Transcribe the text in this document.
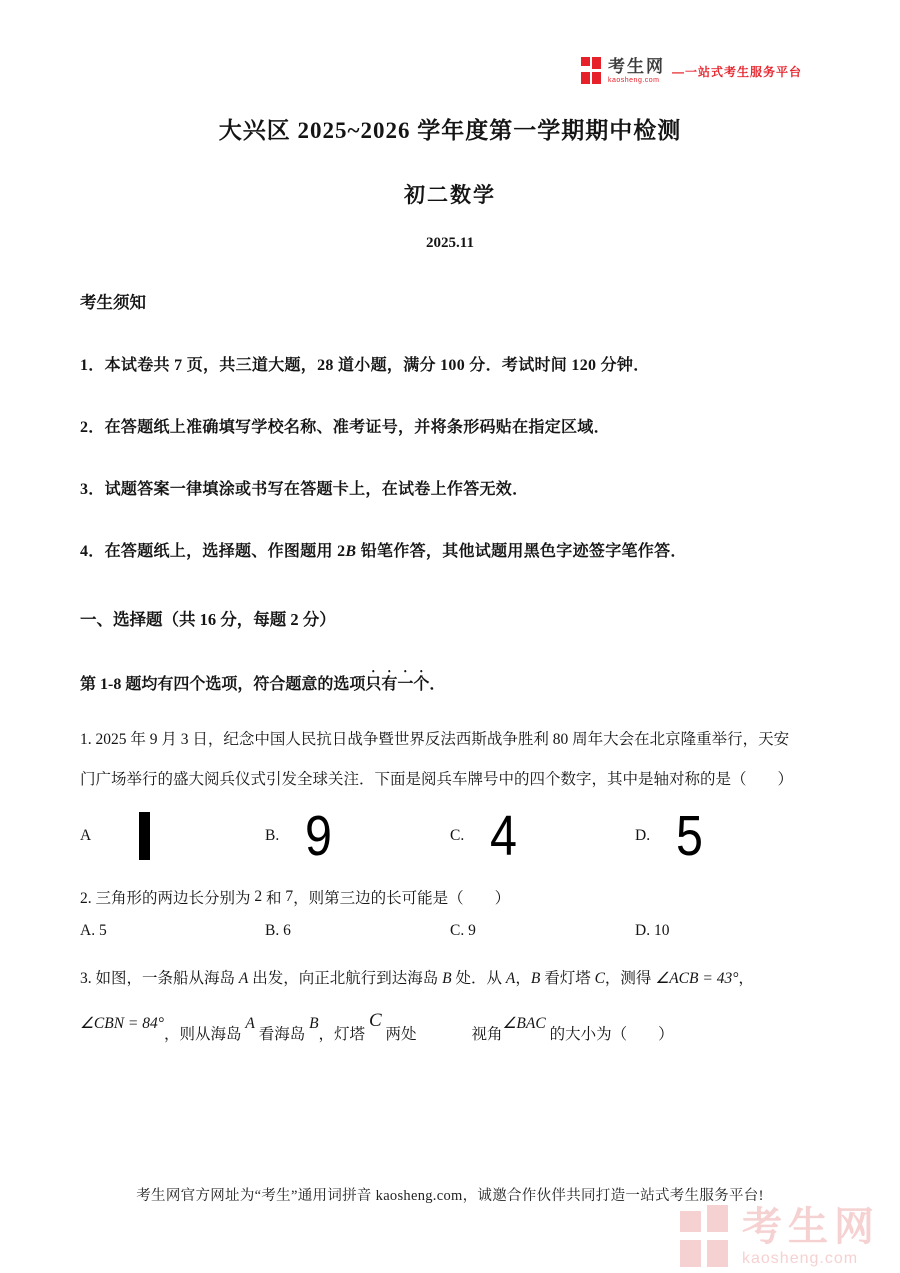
考生网
kaosheng.com
—一站式考生服务平台
大兴区 2025~2026 学年度第一学期期中检测
初二数学
2025.11
考生须知
1．本试卷共 7 页，共三道大题，28 道小题，满分 100 分．考试时间 120 分钟．
2．在答题纸上准确填写学校名称、准考证号，并将条形码贴在指定区域．
3．试题答案一律填涂或书写在答题卡上，在试卷上作答无效．
4．在答题纸上，选择题、作图题用 2B 铅笔作答，其他试题用黑色字迹签字笔作答．
一、选择题（共 16 分，每题 2 分）
第 1-8 题均有四个选项，符合题意的选项只有一个．
1. 2025 年 9 月 3 日，纪念中国人民抗日战争暨世界反法西斯战争胜利 80 周年大会在北京隆重举行，天安
门广场举行的盛大阅兵仪式引发全球关注．下面是阅兵车牌号中的四个数字，其中是轴对称的是（　　）
A	B. 9	C. 4	D. 5
2. 三角形的两边长分别为 2 和 7，则第三边的长可能是（　　）
A. 5	B. 6	C. 9	D. 10
3. 如图，一条船从海岛 A 出发，向正北航行到达海岛 B 处．从 A，B 看灯塔 C，测得 ∠ACB = 43°，
∠CBN = 84°，则从海岛 A 看海岛 B，灯塔 C 两处	视角∠BAC 的大小为（　　）
考生网官方网址为“考生”通用词拼音 kaosheng.com，诚邀合作伙伴共同打造一站式考生服务平台!
考生网
kaosheng.com
